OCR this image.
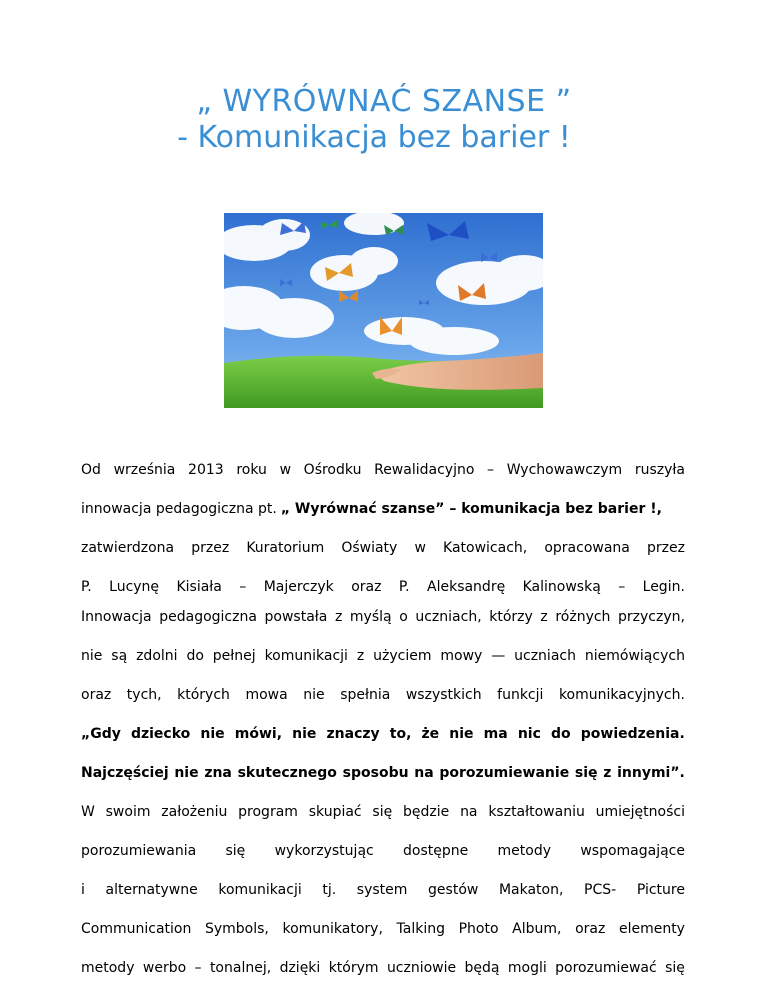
„ WYRÓWNAĆ SZANSE ”
- Komunikacja bez barier !
Od września 2013 roku w Ośrodku Rewalidacyjno – Wychowawczym ruszyła
innowacja pedagogiczna pt. „ Wyrównać szanse” – komunikacja bez barier !,
zatwierdzona przez Kuratorium Oświaty w Katowicach, opracowana przez
P. Lucynę Kisiała – Majerczyk oraz P. Aleksandrę Kalinowską – Legin.
Innowacja pedagogiczna powstała z myślą o uczniach, którzy z różnych przyczyn,
nie są zdolni do pełnej komunikacji z użyciem mowy — uczniach niemówiących
oraz tych, których mowa nie spełnia wszystkich funkcji komunikacyjnych.
„Gdy dziecko nie mówi, nie znaczy to, że nie ma nic do powiedzenia.
Najczęściej nie zna skutecznego sposobu na porozumiewanie się z innymi”.
W swoim założeniu program skupiać się będzie na kształtowaniu umiejętności
porozumiewania się wykorzystując dostępne metody wspomagające
i alternatywne komunikacji tj. system gestów Makaton, PCS- Picture
Communication Symbols, komunikatory, Talking Photo Album, oraz elementy
metody werbo – tonalnej, dzięki którym uczniowie będą mogli porozumiewać się
